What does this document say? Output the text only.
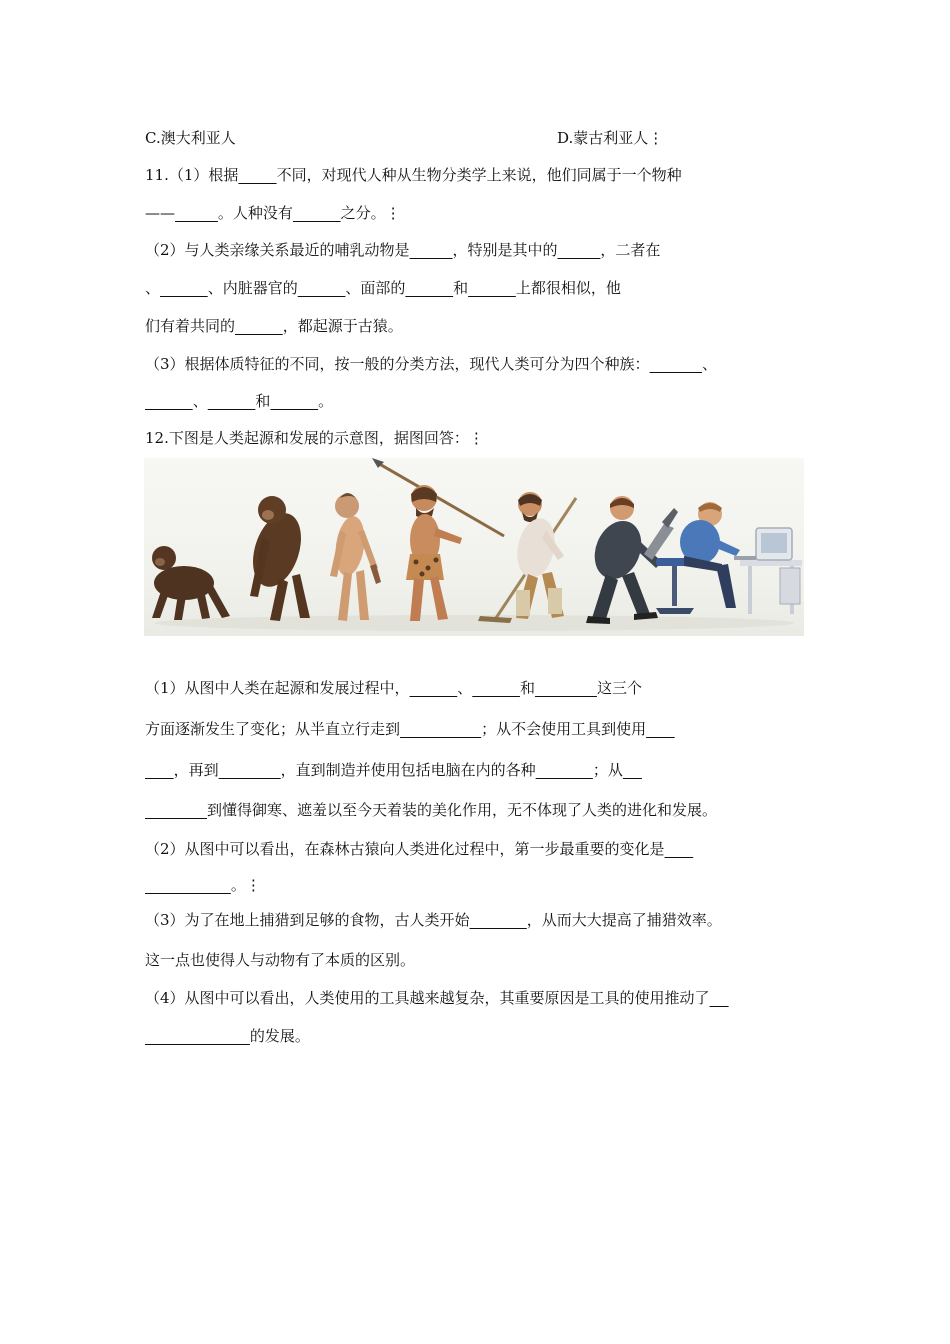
C.澳大利亚人	D.蒙古利亚人⋮
11.（1）根据	不同，对现代人种从生物分类学上来说，他们同属于一个物种
——	。人种没有	之分。⋮
（2）与人类亲缘关系最近的哺乳动物是	，特别是其中的	，二者在
、	、内脏器官的	、面部的	和	上都很相似，他
们有着共同的	，都起源于古猿。
（3）根据体质特征的不同，按一般的分类方法，现代人类可分为四个种族：	、
、	和	。
12.下图是人类起源和发展的示意图，据图回答：⋮
（1）从图中人类在起源和发展过程中，	、	和	这三个
方面逐渐发生了变化；从半直立行走到	；从不会使用工具到使用
，再到	，直到制造并使用包括电脑在内的各种	；从
到懂得御寒、遮羞以至今天着装的美化作用，无不体现了人类的进化和发展。
（2）从图中可以看出，在森林古猿向人类进化过程中，第一步最重要的变化是
。⋮
（3）为了在地上捕猎到足够的食物，古人类开始	，从而大大提高了捕猎效率。
这一点也使得人与动物有了本质的区别。
（4）从图中可以看出，人类使用的工具越来越复杂，其重要原因是工具的使用推动了
的发展。
